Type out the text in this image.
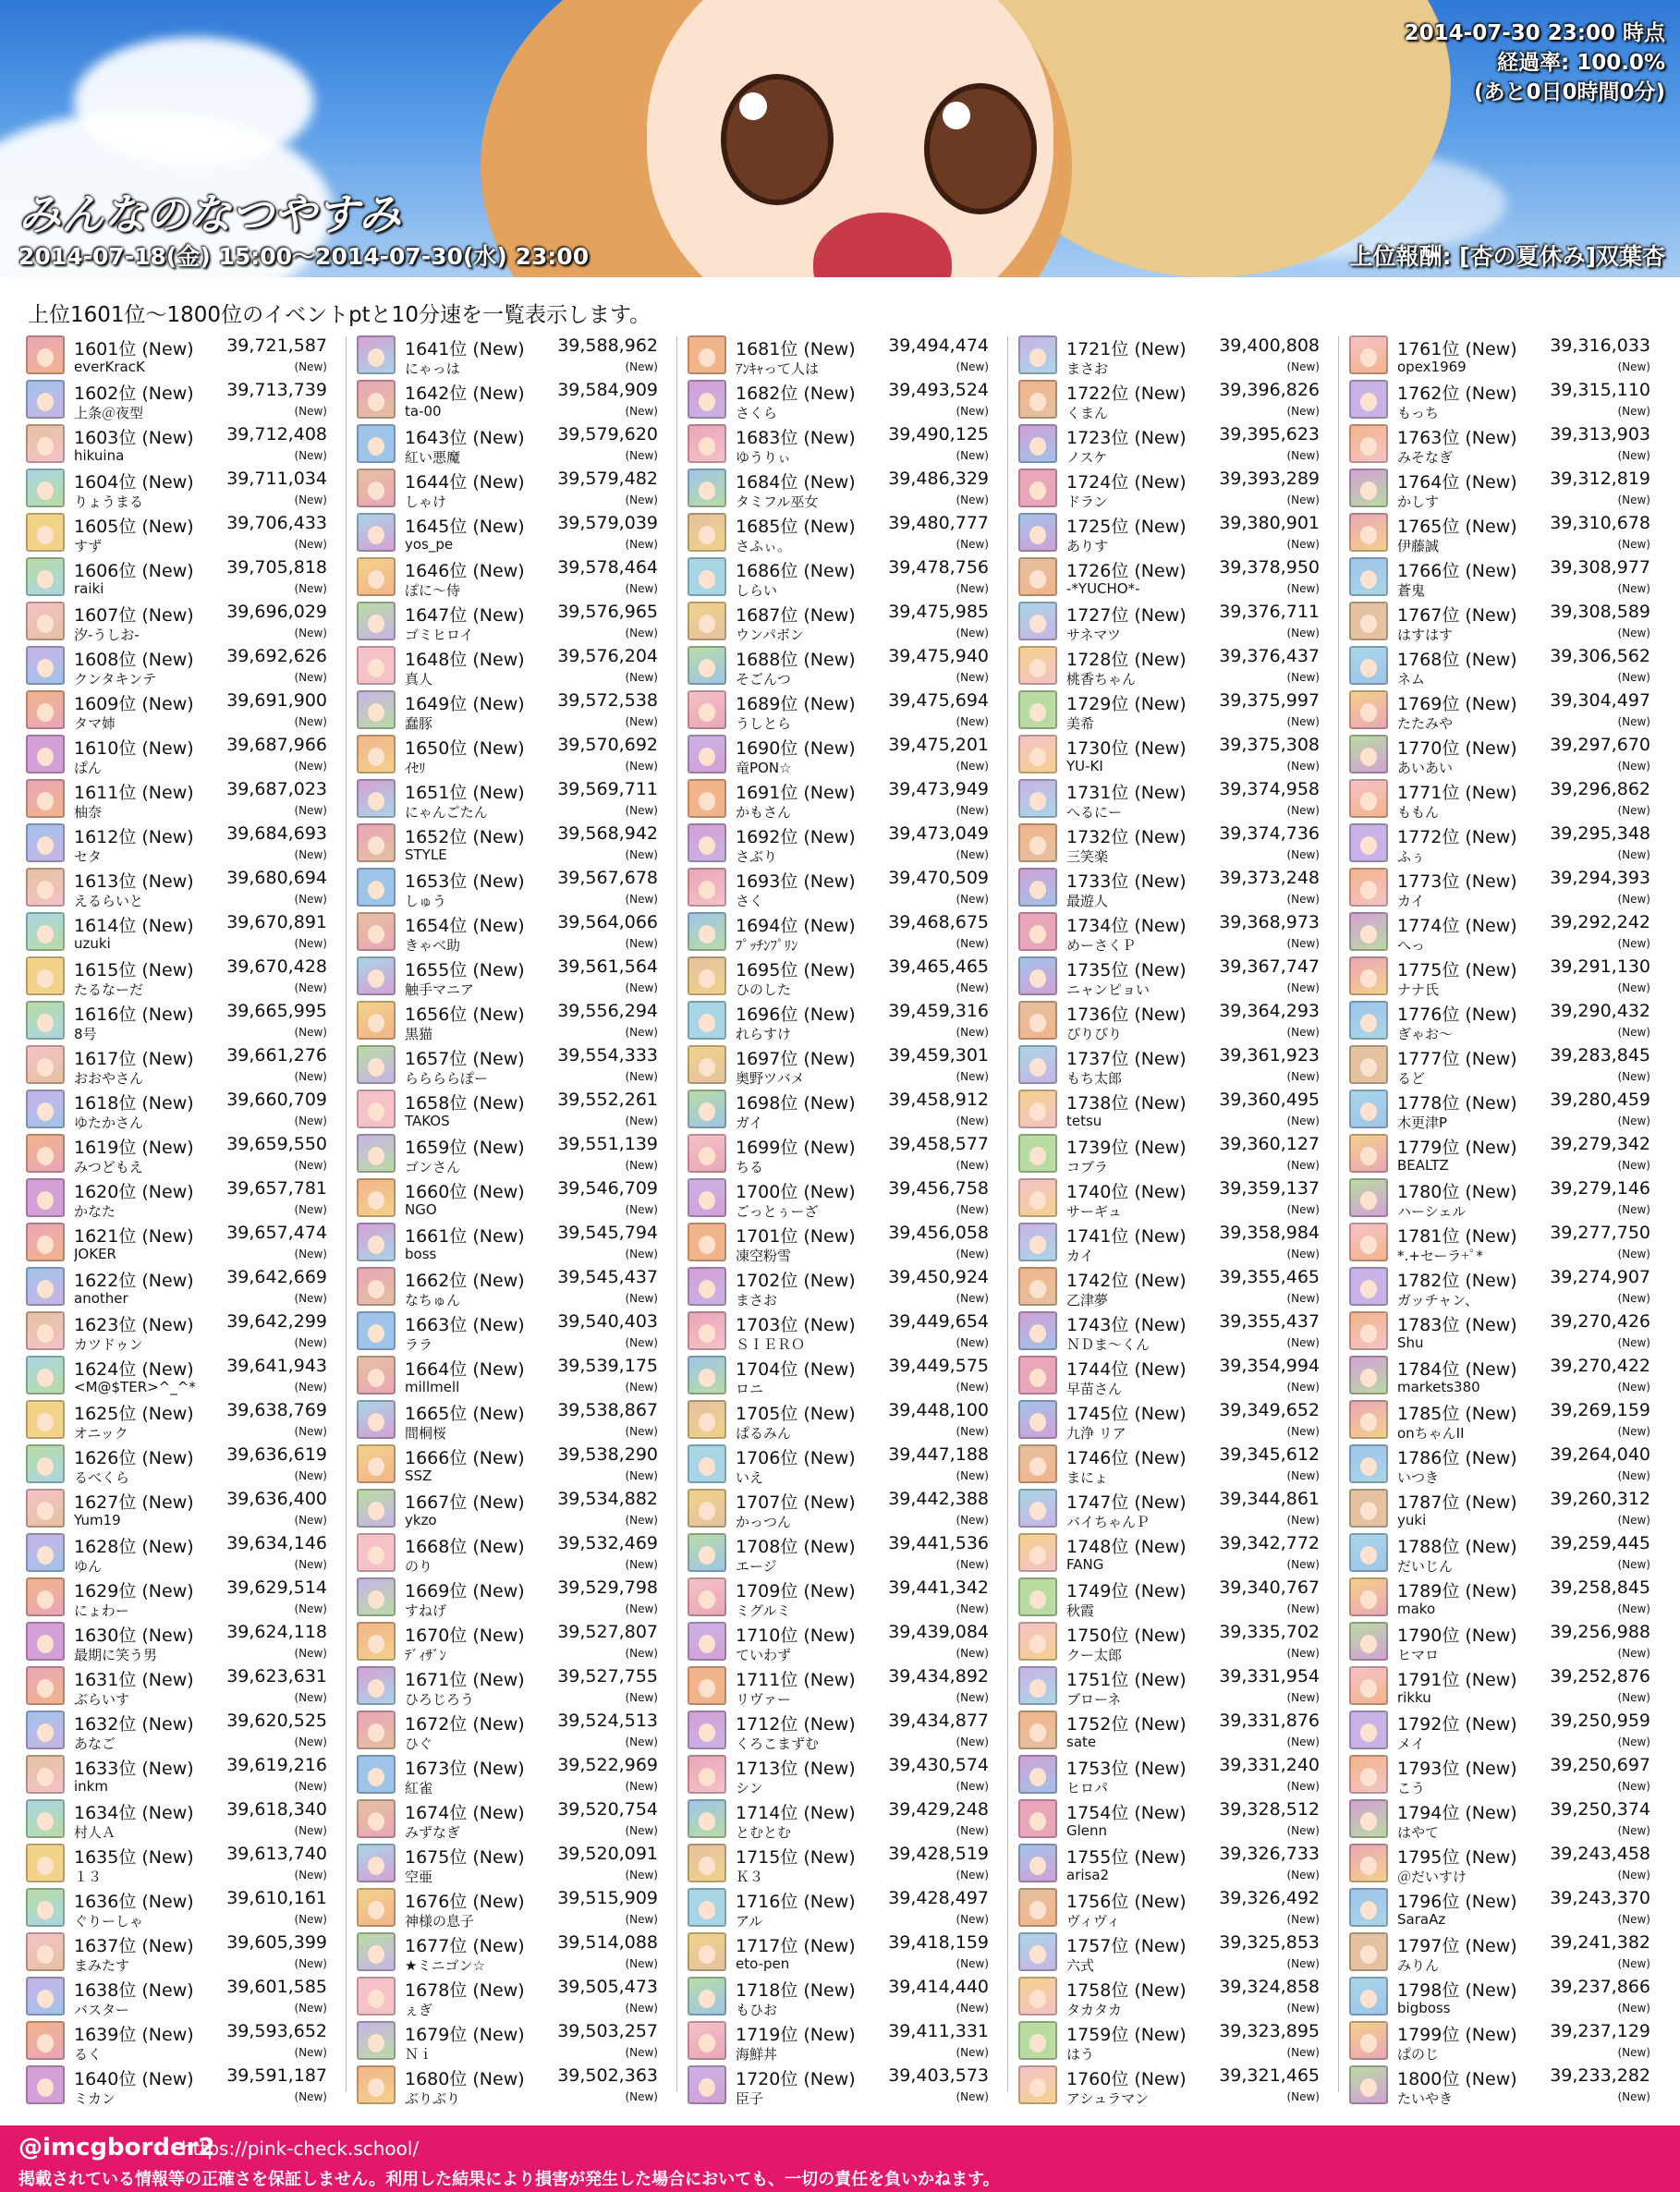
みんなのなつやすみ
2014-07-18(金) 15:00〜2014-07-30(水) 23:00	上位報酬: [杏の夏休み]双葉杏
2014-07-30 23:00 時点
経過率: 100.0%
(あと0日0時間0分)
上位1601位～1800位のイベントptと10分速を一覧表示します。
1601位 (New) 39,721,587
everKracK	(New)
1602位 (New) 39,713,739
上条＠夜型	(New)
1603位 (New) 39,712,408
hikuina	(New)
1604位 (New) 39,711,034
りょうまる	(New)
1605位 (New) 39,706,433
すず	(New)
1606位 (New) 39,705,818
raiki	(New)
1607位 (New) 39,696,029
汐-うしお-	(New)
1608位 (New) 39,692,626
クンタキンテ	(New)
1609位 (New) 39,691,900
タマ姉	(New)
1610位 (New) 39,687,966
ぱん	(New)
1611位 (New) 39,687,023
柚奈	(New)
1612位 (New) 39,684,693
セタ	(New)
1613位 (New) 39,680,694
えるらいと	(New)
1614位 (New) 39,670,891
uzuki	(New)
1615位 (New) 39,670,428
たるなーだ	(New)
1616位 (New) 39,665,995
8号	(New)
1617位 (New) 39,661,276
おおやさん	(New)
1618位 (New) 39,660,709
ゆたかさん	(New)
1619位 (New) 39,659,550
みつどもえ	(New)
1620位 (New) 39,657,781
かなた	(New)
1621位 (New) 39,657,474
JOKER	(New)
1622位 (New) 39,642,669
another	(New)
1623位 (New) 39,642,299
カツドゥン	(New)
1624位 (New) 39,641,943
<M@$TER>^_^*	(New)
1625位 (New) 39,638,769
オニック	(New)
1626位 (New) 39,636,619
るべくら	(New)
1627位 (New) 39,636,400
Yum19	(New)
1628位 (New) 39,634,146
ゆん	(New)
1629位 (New) 39,629,514
にょわー	(New)
1630位 (New) 39,624,118
最期に笑う男	(New)
1631位 (New) 39,623,631
ぶらいす	(New)
1632位 (New) 39,620,525
あなご	(New)
1633位 (New) 39,619,216
inkm	(New)
1634位 (New) 39,618,340
村人Ａ	(New)
1635位 (New) 39,613,740
１３	(New)
1636位 (New) 39,610,161
ぐりーしゃ	(New)
1637位 (New) 39,605,399
まみたす	(New)
1638位 (New) 39,601,585
バスター	(New)
1639位 (New) 39,593,652
るく	(New)
1640位 (New) 39,591,187
ミカン	(New)
1641位 (New) 39,588,962
にゃっは	(New)
1642位 (New) 39,584,909
ta-00	(New)
1643位 (New) 39,579,620
紅い悪魔	(New)
1644位 (New) 39,579,482
しゃけ	(New)
1645位 (New) 39,579,039
yos_pe	(New)
1646位 (New) 39,578,464
ぽに～侍	(New)
1647位 (New) 39,576,965
ゴミヒロイ	(New)
1648位 (New) 39,576,204
真人	(New)
1649位 (New) 39,572,538
蠢豚	(New)
1650位 (New) 39,570,692
ｲｾﾘ	(New)
1651位 (New) 39,569,711
にゃんごたん	(New)
1652位 (New) 39,568,942
STYLE	(New)
1653位 (New) 39,567,678
しゅう	(New)
1654位 (New) 39,564,066
きゃべ助	(New)
1655位 (New) 39,561,564
触手マニア	(New)
1656位 (New) 39,556,294
黒猫	(New)
1657位 (New) 39,554,333
ららららぽー	(New)
1658位 (New) 39,552,261
TAKOS	(New)
1659位 (New) 39,551,139
ゴンさん	(New)
1660位 (New) 39,546,709
NGO	(New)
1661位 (New) 39,545,794
boss	(New)
1662位 (New) 39,545,437
なちゅん	(New)
1663位 (New) 39,540,403
ララ	(New)
1664位 (New) 39,539,175
millmell	(New)
1665位 (New) 39,538,867
間桐桜	(New)
1666位 (New) 39,538,290
SSZ	(New)
1667位 (New) 39,534,882
ykzo	(New)
1668位 (New) 39,532,469
のり	(New)
1669位 (New) 39,529,798
すねげ	(New)
1670位 (New) 39,527,807
ﾃﾞｨｻﾞﾝ	(New)
1671位 (New) 39,527,755
ひろじろう	(New)
1672位 (New) 39,524,513
ひぐ	(New)
1673位 (New) 39,522,969
紅雀	(New)
1674位 (New) 39,520,754
みずなぎ	(New)
1675位 (New) 39,520,091
空亜	(New)
1676位 (New) 39,515,909
神様の息子	(New)
1677位 (New) 39,514,088
★ミニゴン☆	(New)
1678位 (New) 39,505,473
ぇぎ	(New)
1679位 (New) 39,503,257
Ｎｉ	(New)
1680位 (New) 39,502,363
ぶりぶり	(New)
1681位 (New) 39,494,474
ｱﾝｷｬって人は	(New)
1682位 (New) 39,493,524
さくら	(New)
1683位 (New) 39,490,125
ゆうりぃ	(New)
1684位 (New) 39,486,329
タミフル巫女	(New)
1685位 (New) 39,480,777
さふぃ。	(New)
1686位 (New) 39,478,756
しらい	(New)
1687位 (New) 39,475,985
ウンパボン	(New)
1688位 (New) 39,475,940
そごんつ	(New)
1689位 (New) 39,475,694
うしとら	(New)
1690位 (New) 39,475,201
竜PON☆	(New)
1691位 (New) 39,473,949
かもさん	(New)
1692位 (New) 39,473,049
さぶり	(New)
1693位 (New) 39,470,509
さく	(New)
1694位 (New) 39,468,675
ﾌﾟｯﾁﾝﾌﾟﾘﾝ	(New)
1695位 (New) 39,465,465
ひのした	(New)
1696位 (New) 39,459,316
れらすけ	(New)
1697位 (New) 39,459,301
奥野ツバメ	(New)
1698位 (New) 39,458,912
ガイ	(New)
1699位 (New) 39,458,577
ちる	(New)
1700位 (New) 39,456,758
ごっとぅーざ	(New)
1701位 (New) 39,456,058
凍空粉雪	(New)
1702位 (New) 39,450,924
まさお	(New)
1703位 (New) 39,449,654
ＳＩＥＲＯ	(New)
1704位 (New) 39,449,575
ロニ	(New)
1705位 (New) 39,448,100
ぱるみん	(New)
1706位 (New) 39,447,188
いえ	(New)
1707位 (New) 39,442,388
かっつん	(New)
1708位 (New) 39,441,536
エージ	(New)
1709位 (New) 39,441,342
ミグルミ	(New)
1710位 (New) 39,439,084
ていわず	(New)
1711位 (New) 39,434,892
リヴァー	(New)
1712位 (New) 39,434,877
くろこまずむ	(New)
1713位 (New) 39,430,574
シン	(New)
1714位 (New) 39,429,248
とむとむ	(New)
1715位 (New) 39,428,519
Ｋ３	(New)
1716位 (New) 39,428,497
アル	(New)
1717位 (New) 39,418,159
eto-pen	(New)
1718位 (New) 39,414,440
もひお	(New)
1719位 (New) 39,411,331
海鮮丼	(New)
1720位 (New) 39,403,573
臣子	(New)
1721位 (New) 39,400,808
まさお	(New)
1722位 (New) 39,396,826
くまん	(New)
1723位 (New) 39,395,623
ノスケ	(New)
1724位 (New) 39,393,289
ドラン	(New)
1725位 (New) 39,380,901
ありす	(New)
1726位 (New) 39,378,950
-*YUCHO*-	(New)
1727位 (New) 39,376,711
サネマツ	(New)
1728位 (New) 39,376,437
桃香ちゃん	(New)
1729位 (New) 39,375,997
美希	(New)
1730位 (New) 39,375,308
YU-KI	(New)
1731位 (New) 39,374,958
へるにー	(New)
1732位 (New) 39,374,736
三笑楽	(New)
1733位 (New) 39,373,248
最遊人	(New)
1734位 (New) 39,368,973
めーさくＰ	(New)
1735位 (New) 39,367,747
ニャンピョい	(New)
1736位 (New) 39,364,293
ぴりぴり	(New)
1737位 (New) 39,361,923
もち太郎	(New)
1738位 (New) 39,360,495
tetsu	(New)
1739位 (New) 39,360,127
コブラ	(New)
1740位 (New) 39,359,137
サーギュ	(New)
1741位 (New) 39,358,984
カイ	(New)
1742位 (New) 39,355,465
乙津夢	(New)
1743位 (New) 39,355,437
ＮＤま～くん	(New)
1744位 (New) 39,354,994
早苗さん	(New)
1745位 (New) 39,349,652
九浄 リア	(New)
1746位 (New) 39,345,612
まにょ	(New)
1747位 (New) 39,344,861
バイちゃんＰ	(New)
1748位 (New) 39,342,772
FANG	(New)
1749位 (New) 39,340,767
秋霞	(New)
1750位 (New) 39,335,702
クー太郎	(New)
1751位 (New) 39,331,954
ブローネ	(New)
1752位 (New) 39,331,876
sate	(New)
1753位 (New) 39,331,240
ヒロパ	(New)
1754位 (New) 39,328,512
Glenn	(New)
1755位 (New) 39,326,733
arisa2	(New)
1756位 (New) 39,326,492
ヴィヴィ	(New)
1757位 (New) 39,325,853
六式	(New)
1758位 (New) 39,324,858
タカタカ	(New)
1759位 (New) 39,323,895
はう	(New)
1760位 (New) 39,321,465
アシュラマン	(New)
1761位 (New) 39,316,033
opex1969	(New)
1762位 (New) 39,315,110
もっち	(New)
1763位 (New) 39,313,903
みそなぎ	(New)
1764位 (New) 39,312,819
かしす	(New)
1765位 (New) 39,310,678
伊藤誠	(New)
1766位 (New) 39,308,977
蒼鬼	(New)
1767位 (New) 39,308,589
はすはす	(New)
1768位 (New) 39,306,562
ネム	(New)
1769位 (New) 39,304,497
たたみや	(New)
1770位 (New) 39,297,670
あいあい	(New)
1771位 (New) 39,296,862
ももん	(New)
1772位 (New) 39,295,348
ふぅ	(New)
1773位 (New) 39,294,393
カイ	(New)
1774位 (New) 39,292,242
へっ	(New)
1775位 (New) 39,291,130
ナナ氏	(New)
1776位 (New) 39,290,432
ぎゃお～	(New)
1777位 (New) 39,283,845
るど	(New)
1778位 (New) 39,280,459
木更津P	(New)
1779位 (New) 39,279,342
BEALTZ	(New)
1780位 (New) 39,279,146
ハーシェル	(New)
1781位 (New) 39,277,750
*.+セーラ+ﾟ*	(New)
1782位 (New) 39,274,907
ガッチャン、	(New)
1783位 (New) 39,270,426
Shu	(New)
1784位 (New) 39,270,422
markets380	(New)
1785位 (New) 39,269,159
onちゃんII	(New)
1786位 (New) 39,264,040
いつき	(New)
1787位 (New) 39,260,312
yuki	(New)
1788位 (New) 39,259,445
だいじん	(New)
1789位 (New) 39,258,845
mako	(New)
1790位 (New) 39,256,988
ヒマロ	(New)
1791位 (New) 39,252,876
rikku	(New)
1792位 (New) 39,250,959
メイ	(New)
1793位 (New) 39,250,697
こう	(New)
1794位 (New) 39,250,374
はやて	(New)
1795位 (New) 39,243,458
＠だいすけ	(New)
1796位 (New) 39,243,370
SaraAz	(New)
1797位 (New) 39,241,382
みりん	(New)
1798位 (New) 39,237,866
bigboss	(New)
1799位 (New) 39,237,129
ぱのじ	(New)
1800位 (New) 39,233,282
たいやき	(New)
@imcgborder2
https://pink-check.school/
掲載されている情報等の正確さを保証しません。利用した結果により損害が発生した場合においても、一切の責任を負いかねます。
